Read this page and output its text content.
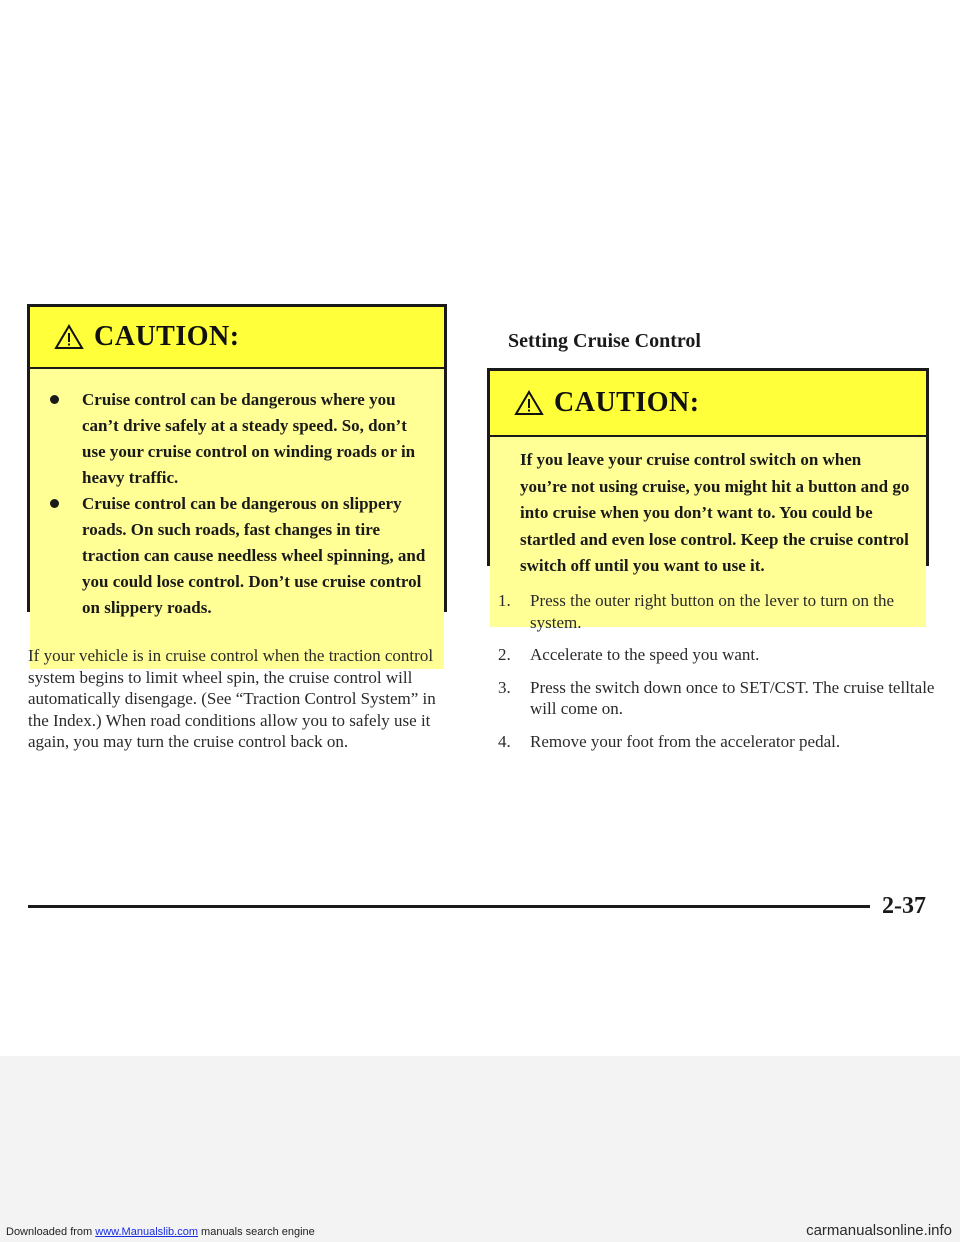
CAUTION:
Cruise control can be dangerous where you can’t drive safely at a steady speed. So, don’t use your cruise control on winding roads or in heavy traffic.
Cruise control can be dangerous on slippery roads. On such roads, fast changes in tire traction can cause needless wheel spinning, and you could lose control. Don’t use cruise control on slippery roads.

If your vehicle is in cruise control when the traction control system begins to limit wheel spin, the cruise control will automatically disengage. (See “Traction Control System” in the Index.) When road conditions allow you to safely use it again, you may turn the cruise control back on.

Setting Cruise Control
CAUTION:
If you leave your cruise control switch on when you’re not using cruise, you might hit a button and go into cruise when you don’t want to. You could be startled and even lose control. Keep the cruise control switch off until you want to use it.
1.	Press the outer right button on the lever to turn on the system.
2.	Accelerate to the speed you want.
3.	Press the switch down once to SET/CST. The cruise telltale will come on.
4.	Remove your foot from the accelerator pedal.
2-37
Downloaded from www.Manualslib.com manuals search engine	carmanualsonline.info
